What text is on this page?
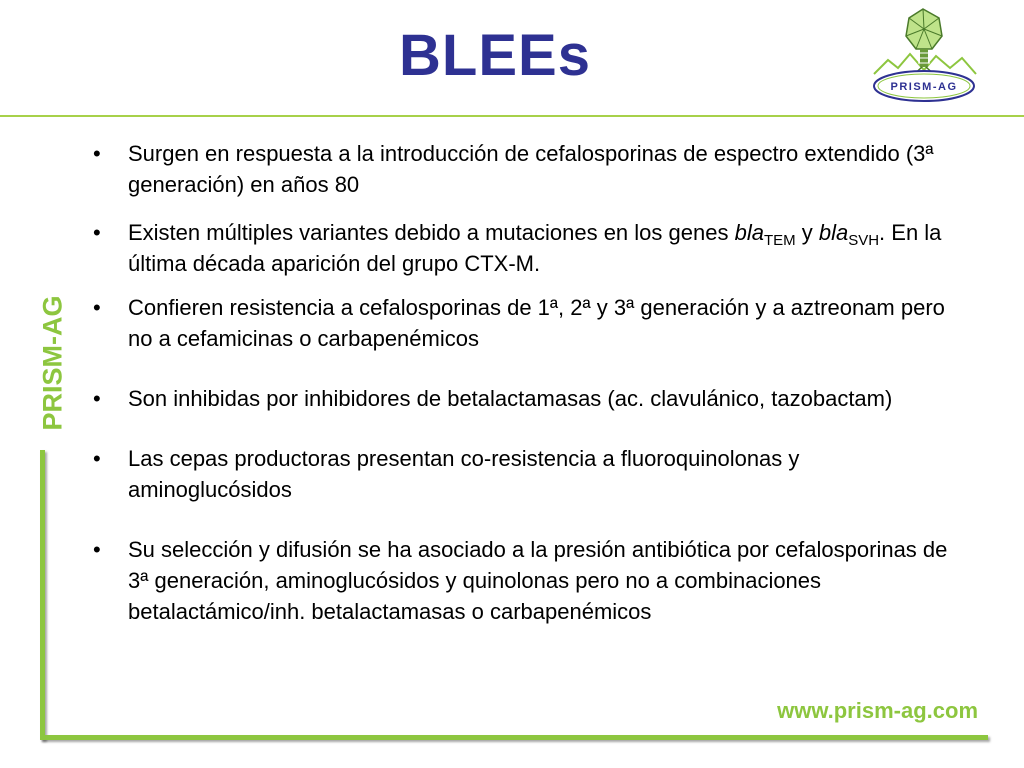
BLEEs	PRISM-AG
PRISM-AG
• Surgen en respuesta a la introducción de cefalosporinas de espectro extendido (3ª generación) en años 80
• Existen múltiples variantes debido a mutaciones en los genes bla$_{TEM}$ y bla$_{SVH}$. En la última década aparición del grupo CTX-M.
• Confieren resistencia a cefalosporinas de 1ª, 2ª y 3ª generación y a aztreonam pero no a cefamicinas o carbapenémicos
• Son inhibidas por inhibidores de betalactamasas (ac. clavulánico, tazobactam)
• Las cepas productoras presentan co-resistencia a fluoroquinolonas y aminoglucósidos
• Su selección y difusión se ha asociado a la presión antibiótica por cefalosporinas de 3ª generación, aminoglucósidos y quinolonas pero no a combinaciones betalactámico/inh. betalactamasas o carbapenémicos
www.prism-ag.com
